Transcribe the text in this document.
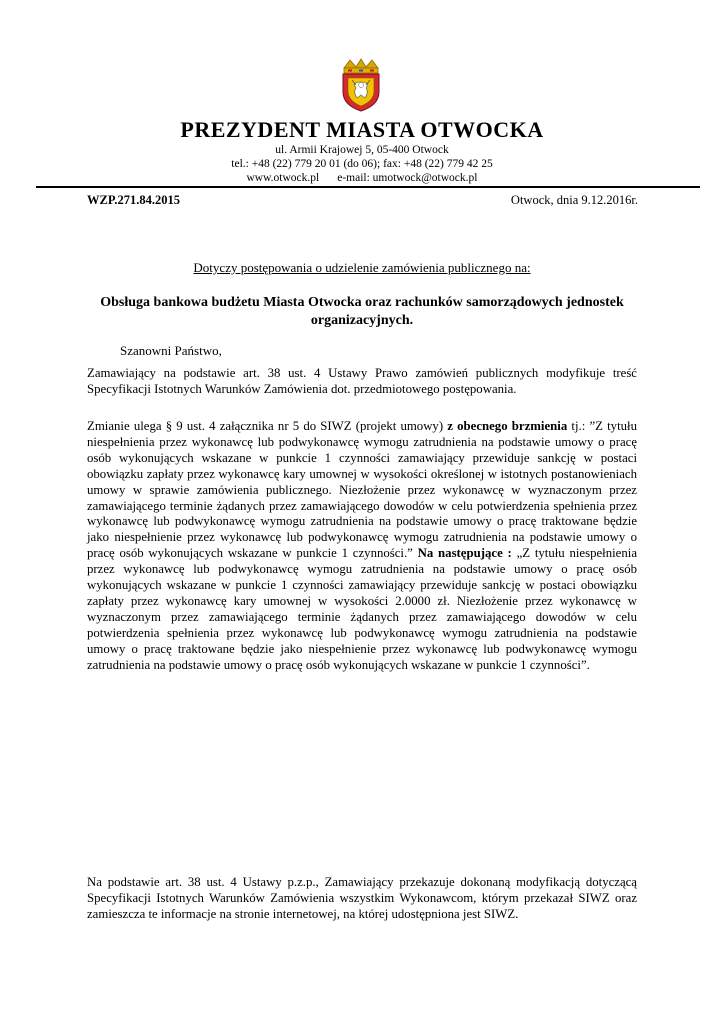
PREZYDENT MIASTA OTWOCKA
ul. Armii Krajowej 5, 05-400 Otwock
tel.: +48 (22) 779 20 01 (do 06); fax: +48 (22) 779 42 25
www.otwock.pl e-mail: umotwock@otwock.pl
WZP.271.84.2015	Otwock, dnia 9.12.2016r.
Dotyczy postępowania o udzielenie zamówienia publicznego na:
Obsługa bankowa budżetu Miasta Otwocka oraz rachunków samorządowych jednostek organizacyjnych.
Szanowni Państwo,
Zamawiający na podstawie art. 38 ust. 4 Ustawy Prawo zamówień publicznych modyfikuje treść Specyfikacji Istotnych Warunków Zamówienia dot. przedmiotowego postępowania.
Zmianie ulega § 9 ust. 4 załącznika nr 5 do SIWZ (projekt umowy) z obecnego brzmienia tj.: ”Z tytułu niespełnienia przez wykonawcę lub podwykonawcę wymogu zatrudnienia na podstawie umowy o pracę osób wykonujących wskazane w punkcie 1 czynności zamawiający przewiduje sankcję w postaci obowiązku zapłaty przez wykonawcę kary umownej w wysokości określonej w istotnych postanowieniach umowy w sprawie zamówienia publicznego. Niezłożenie przez wykonawcę w wyznaczonym przez zamawiającego terminie żądanych przez zamawiającego dowodów w celu potwierdzenia spełnienia przez wykonawcę lub podwykonawcę wymogu zatrudnienia na podstawie umowy o pracę traktowane będzie jako niespełnienie przez wykonawcę lub podwykonawcę wymogu zatrudnienia na podstawie umowy o pracę osób wykonujących wskazane w punkcie 1 czynności.” Na następujące : „Z tytułu niespełnienia przez wykonawcę lub podwykonawcę wymogu zatrudnienia na podstawie umowy o pracę osób wykonujących wskazane w punkcie 1 czynności zamawiający przewiduje sankcję w postaci obowiązku zapłaty przez wykonawcę kary umownej w wysokości 2.0000 zł. Niezłożenie przez wykonawcę w wyznaczonym przez zamawiającego terminie żądanych przez zamawiającego dowodów w celu potwierdzenia spełnienia przez wykonawcę lub podwykonawcę wymogu zatrudnienia na podstawie umowy o pracę traktowane będzie jako niespełnienie przez wykonawcę lub podwykonawcę wymogu zatrudnienia na podstawie umowy o pracę osób wykonujących wskazane w punkcie 1 czynności”.
Na podstawie art. 38 ust. 4 Ustawy p.z.p., Zamawiający przekazuje dokonaną modyfikacją dotyczącą Specyfikacji Istotnych Warunków Zamówienia wszystkim Wykonawcom, którym przekazał SIWZ oraz zamieszcza te informacje na stronie internetowej, na której udostępniona jest SIWZ.
